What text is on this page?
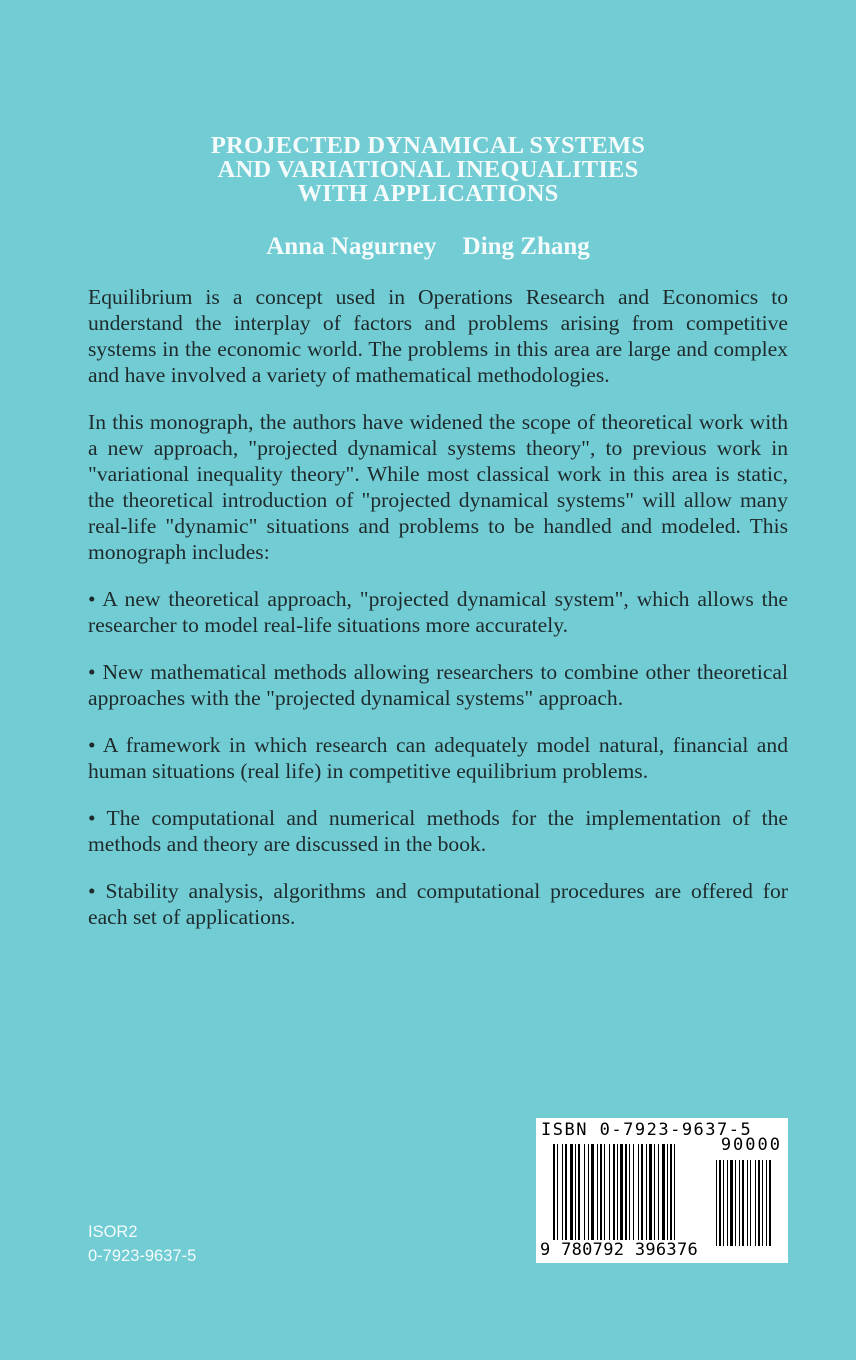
PROJECTED DYNAMICAL SYSTEMS
AND VARIATIONAL INEQUALITIES
WITH APPLICATIONS
Anna Nagurney Ding Zhang

Equilibrium is a concept used in Operations Research and Economics to understand the interplay of factors and problems arising from competitive systems in the economic world. The problems in this area are large and complex and have involved a variety of mathematical methodologies.

In this monograph, the authors have widened the scope of theoretical work with a new approach, "projected dynamical systems theory", to previous work in "variational inequality theory". While most classical work in this area is static, the theoretical introduction of "projected dynamical systems" will allow many real-life "dynamic" situations and problems to be handled and modeled. This monograph includes:

• A new theoretical approach, "projected dynamical system", which allows the researcher to model real-life situations more accurately.

• New mathematical methods allowing researchers to combine other theoretical approaches with the "projected dynamical systems" approach.

• A framework in which research can adequately model natural, financial and human situations (real life) in competitive equilibrium problems.

• The computational and numerical methods for the implementation of the methods and theory are discussed in the book.

• Stability analysis, algorithms and computational procedures are offered for each set of applications.

ISOR2
0-7923-9637-5
ISBN 0-7923-9637-5
90000
9 780792 396376
